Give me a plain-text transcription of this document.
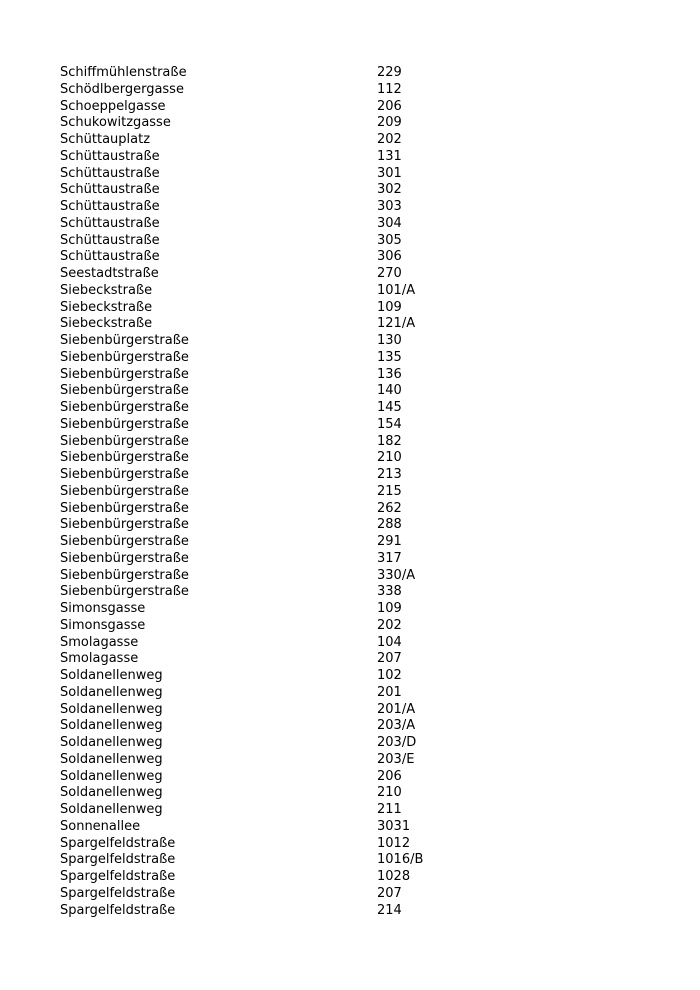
Schiffmühlenstraße	229
Schödlbergergasse	112
Schoeppelgasse	206
Schukowitzgasse	209
Schüttauplatz	202
Schüttaustraße	131
Schüttaustraße	301
Schüttaustraße	302
Schüttaustraße	303
Schüttaustraße	304
Schüttaustraße	305
Schüttaustraße	306
Seestadtstraße	270
Siebeckstraße	101/A
Siebeckstraße	109
Siebeckstraße	121/A
Siebenbürgerstraße	130
Siebenbürgerstraße	135
Siebenbürgerstraße	136
Siebenbürgerstraße	140
Siebenbürgerstraße	145
Siebenbürgerstraße	154
Siebenbürgerstraße	182
Siebenbürgerstraße	210
Siebenbürgerstraße	213
Siebenbürgerstraße	215
Siebenbürgerstraße	262
Siebenbürgerstraße	288
Siebenbürgerstraße	291
Siebenbürgerstraße	317
Siebenbürgerstraße	330/A
Siebenbürgerstraße	338
Simonsgasse	109
Simonsgasse	202
Smolagasse	104
Smolagasse	207
Soldanellenweg	102
Soldanellenweg	201
Soldanellenweg	201/A
Soldanellenweg	203/A
Soldanellenweg	203/D
Soldanellenweg	203/E
Soldanellenweg	206
Soldanellenweg	210
Soldanellenweg	211
Sonnenallee	3031
Spargelfeldstraße	1012
Spargelfeldstraße	1016/B
Spargelfeldstraße	1028
Spargelfeldstraße	207
Spargelfeldstraße	214
